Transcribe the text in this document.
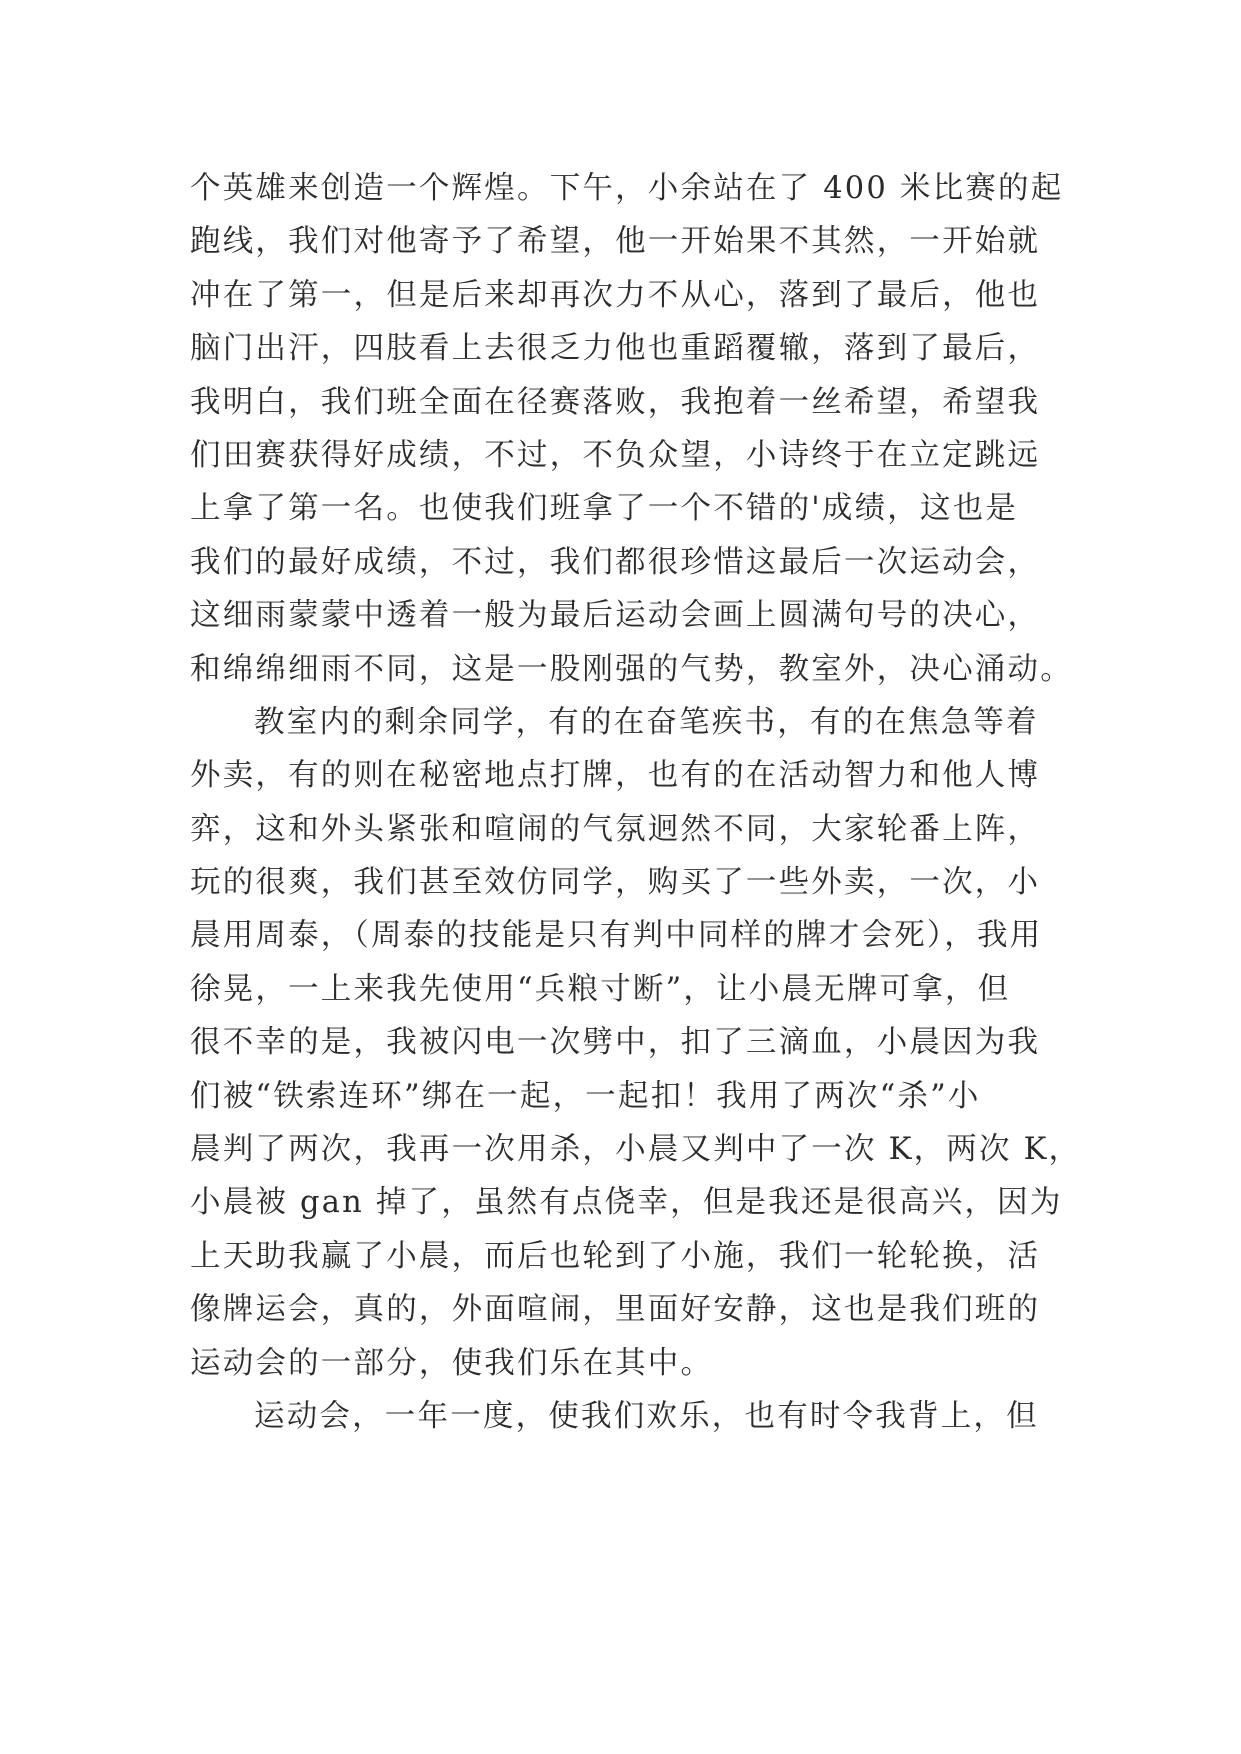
个英雄来创造一个辉煌。下午，小余站在了 400 米比赛的起
跑线，我们对他寄予了希望，他一开始果不其然，一开始就
冲在了第一，但是后来却再次力不从心，落到了最后，他也
脑门出汗，四肢看上去很乏力他也重蹈覆辙，落到了最后，
我明白，我们班全面在径赛落败，我抱着一丝希望，希望我
们田赛获得好成绩，不过，不负众望，小诗终于在立定跳远
上拿了第一名。也使我们班拿了一个不错的'成绩，这也是
我们的最好成绩，不过，我们都很珍惜这最后一次运动会，
这细雨蒙蒙中透着一般为最后运动会画上圆满句号的决心，
和绵绵细雨不同，这是一股刚强的气势，教室外，决心涌动。
教室内的剩余同学，有的在奋笔疾书，有的在焦急等着
外卖，有的则在秘密地点打牌，也有的在活动智力和他人博
弈，这和外头紧张和喧闹的气氛迥然不同，大家轮番上阵，
玩的很爽，我们甚至效仿同学，购买了一些外卖，一次，小
晨用周泰，（周泰的技能是只有判中同样的牌才会死），我用
徐晃，一上来我先使用“兵粮寸断”，让小晨无牌可拿，但
很不幸的是，我被闪电一次劈中，扣了三滴血，小晨因为我
们被“铁索连环”绑在一起，一起扣！我用了两次“杀”小
晨判了两次，我再一次用杀，小晨又判中了一次 K，两次 K，
小晨被 gan 掉了，虽然有点侥幸，但是我还是很高兴，因为
上天助我赢了小晨，而后也轮到了小施，我们一轮轮换，活
像牌运会，真的，外面喧闹，里面好安静，这也是我们班的
运动会的一部分，使我们乐在其中。
运动会，一年一度，使我们欢乐，也有时令我背上，但
